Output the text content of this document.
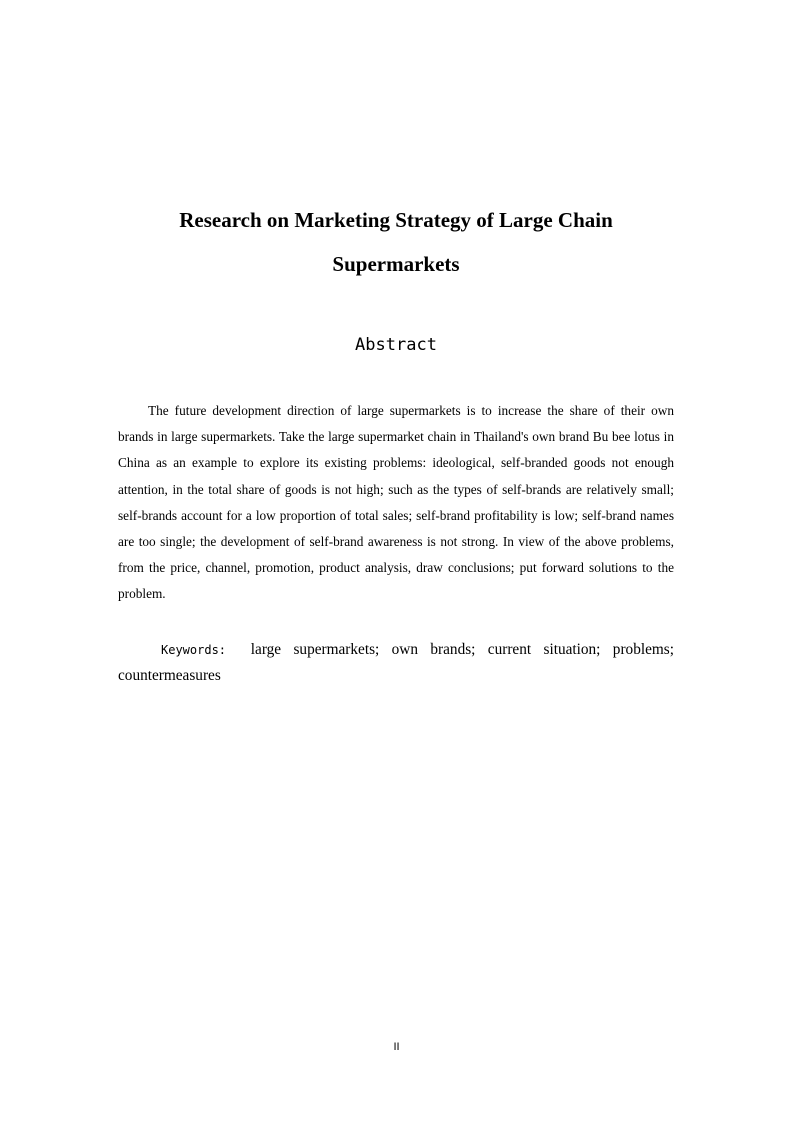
Research on Marketing Strategy of Large Chain
Supermarkets
Abstract

The future development direction of large supermarkets is to increase the share of their own brands in large supermarkets. Take the large supermarket chain in Thailand's own brand Bu bee lotus in China as an example to explore its existing problems: ideological, self-branded goods not enough attention, in the total share of goods is not high; such as the types of self-brands are relatively small; self-brands account for a low proportion of total sales; self-brand profitability is low; self-brand names are too single; the development of self-brand awareness is not strong. In view of the above problems, from the price, channel, promotion, product analysis, draw conclusions; put forward solutions to the problem.

Keywords: large supermarkets; own brands; current situation; problems; countermeasures

II
